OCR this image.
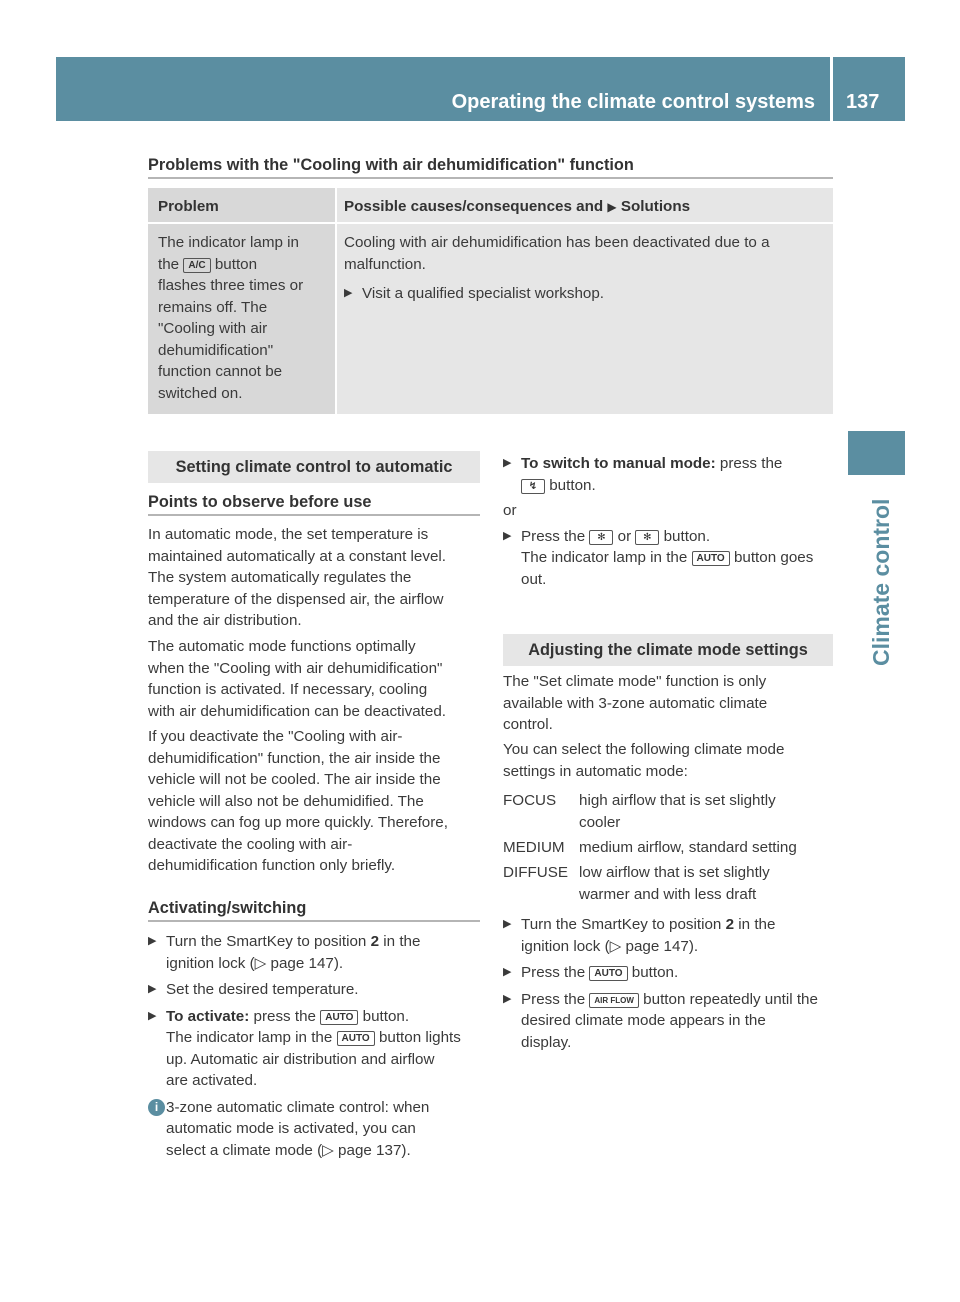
Operating the climate control systems 137
Climate control
Problems with the "Cooling with air dehumidification" function
Problem	Possible causes/consequences and ▶ Solutions
The indicator lamp in
the A/C button
flashes three times or
remains off. The
"Cooling with air
dehumidification"
function cannot be
switched on.
Cooling with air dehumidification has been deactivated due to a
malfunction.
▶ Visit a qualified specialist workshop.
Setting climate control to automatic
Points to observe before use
In automatic mode, the set temperature is
maintained automatically at a constant level.
The system automatically regulates the
temperature of the dispensed air, the airflow
and the air distribution.
The automatic mode functions optimally
when the "Cooling with air dehumidification"
function is activated. If necessary, cooling
with air dehumidification can be deactivated.
If you deactivate the "Cooling with air-
dehumidification" function, the air inside the
vehicle will not be cooled. The air inside the
vehicle will also not be dehumidified. The
windows can fog up more quickly. Therefore,
deactivate the cooling with air-
dehumidification function only briefly.
Activating/switching
▶ Turn the SmartKey to position 2 in the
ignition lock (▷ page 147).
▶ Set the desired temperature.
▶ To activate: press the AUTO button.
The indicator lamp in the AUTO button lights
up. Automatic air distribution and airflow
are activated.
i 3-zone automatic climate control: when
automatic mode is activated, you can
select a climate mode (▷ page 137).
▶ To switch to manual mode: press the
↯ button.
or
▶ Press the ✻ or ✻ button.
The indicator lamp in the AUTO button goes
out.
Adjusting the climate mode settings
The "Set climate mode" function is only
available with 3-zone automatic climate
control.
You can select the following climate mode
settings in automatic mode:
FOCUS high airflow that is set slightly
cooler
MEDIUM medium airflow, standard setting
DIFFUSE low airflow that is set slightly
warmer and with less draft
▶ Turn the SmartKey to position 2 in the
ignition lock (▷ page 147).
▶ Press the AUTO button.
▶ Press the AIR FLOW button repeatedly until the
desired climate mode appears in the
display.
